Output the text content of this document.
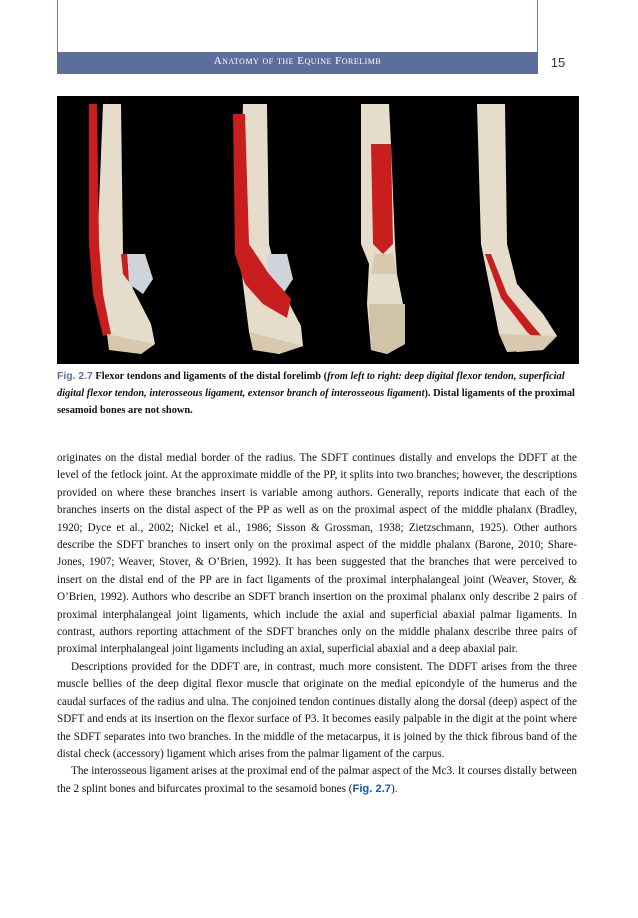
Anatomy of the Equine Forelimb	15
Fig. 2.7 Flexor tendons and ligaments of the distal forelimb (from left to right: deep digital flexor tendon, superficial digital flexor tendon, interosseous ligament, extensor branch of interosseous ligament). Distal ligaments of the proximal sesamoid bones are not shown.

originates on the distal medial border of the radius. The SDFT continues distally and envelops the DDFT at the level of the fetlock joint. At the approximate middle of the PP, it splits into two branches; however, the descriptions provided on where these branches insert is variable among authors. Generally, reports indicate that each of the branches inserts on the distal aspect of the PP as well as on the proximal aspect of the middle phalanx (Bradley, 1920; Dyce et al., 2002; Nickel et al., 1986; Sisson & Grossman, 1938; Zietzschmann, 1925). Other authors describe the SDFT branches to insert only on the proximal aspect of the middle phalanx (Barone, 2010; Share-Jones, 1907; Weaver, Stover, & O’Brien, 1992). It has been suggested that the branches that were perceived to insert on the distal end of the PP are in fact ligaments of the proximal interphalangeal joint (Weaver, Stover, & O’Brien, 1992). Authors who describe an SDFT branch insertion on the proximal phalanx only describe 2 pairs of proximal interphalangeal joint ligaments, which include the axial and superficial abaxial palmar ligaments. In contrast, authors reporting attachment of the SDFT branches only on the middle phalanx describe three pairs of proximal interphalangeal joint ligaments including an axial, superficial abaxial and a deep abaxial pair.

Descriptions provided for the DDFT are, in contrast, much more consistent. The DDFT arises from the three muscle bellies of the deep digital flexor muscle that originate on the medial epicondyle of the humerus and the caudal surfaces of the radius and ulna. The conjoined tendon continues distally along the dorsal (deep) aspect of the SDFT and ends at its insertion on the flexor surface of P3. It becomes easily palpable in the digit at the point where the SDFT separates into two branches. In the middle of the metacarpus, it is joined by the thick fibrous band of the distal check (accessory) ligament which arises from the palmar ligament of the carpus.

The interosseous ligament arises at the proximal end of the palmar aspect of the Mc3. It courses distally between the 2 splint bones and bifurcates proximal to the sesamoid bones (Fig. 2.7).
